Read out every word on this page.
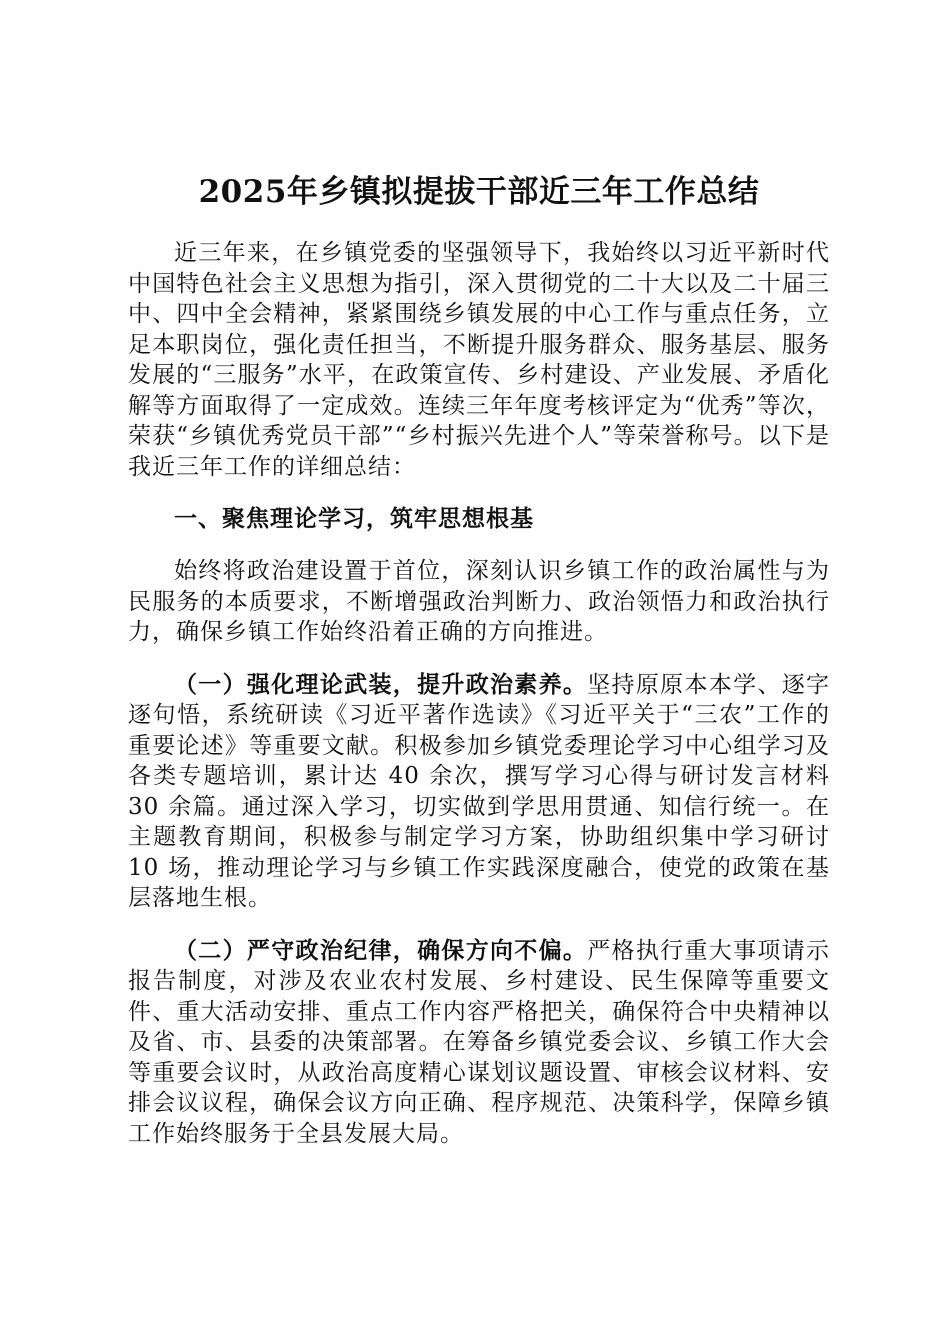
2025年乡镇拟提拔干部近三年工作总结

近三年来，在乡镇党委的坚强领导下，我始终以习近平新时代中国特色社会主义思想为指引，深入贯彻党的二十大以及二十届三中、四中全会精神，紧紧围绕乡镇发展的中心工作与重点任务，立足本职岗位，强化责任担当，不断提升服务群众、服务基层、服务发展的“三服务”水平，在政策宣传、乡村建设、产业发展、矛盾化解等方面取得了一定成效。连续三年年度考核评定为“优秀”等次，荣获“乡镇优秀党员干部”“乡村振兴先进个人”等荣誉称号。以下是我近三年工作的详细总结：

一、聚焦理论学习，筑牢思想根基

始终将政治建设置于首位，深刻认识乡镇工作的政治属性与为民服务的本质要求，不断增强政治判断力、政治领悟力和政治执行力，确保乡镇工作始终沿着正确的方向推进。

（一）强化理论武装，提升政治素养。坚持原原本本学、逐字逐句悟，系统研读《习近平著作选读》《习近平关于“三农”工作的重要论述》等重要文献。积极参加乡镇党委理论学习中心组学习及各类专题培训，累计达 40 余次，撰写学习心得与研讨发言材料 30 余篇。通过深入学习，切实做到学思用贯通、知信行统一。在主题教育期间，积极参与制定学习方案，协助组织集中学习研讨 10 场，推动理论学习与乡镇工作实践深度融合，使党的政策在基层落地生根。

（二）严守政治纪律，确保方向不偏。严格执行重大事项请示报告制度，对涉及农业农村发展、乡村建设、民生保障等重要文件、重大活动安排、重点工作内容严格把关，确保符合中央精神以及省、市、县委的决策部署。在筹备乡镇党委会议、乡镇工作大会等重要会议时，从政治高度精心谋划议题设置、审核会议材料、安排会议议程，确保会议方向正确、程序规范、决策科学，保障乡镇工作始终服务于全县发展大局。
